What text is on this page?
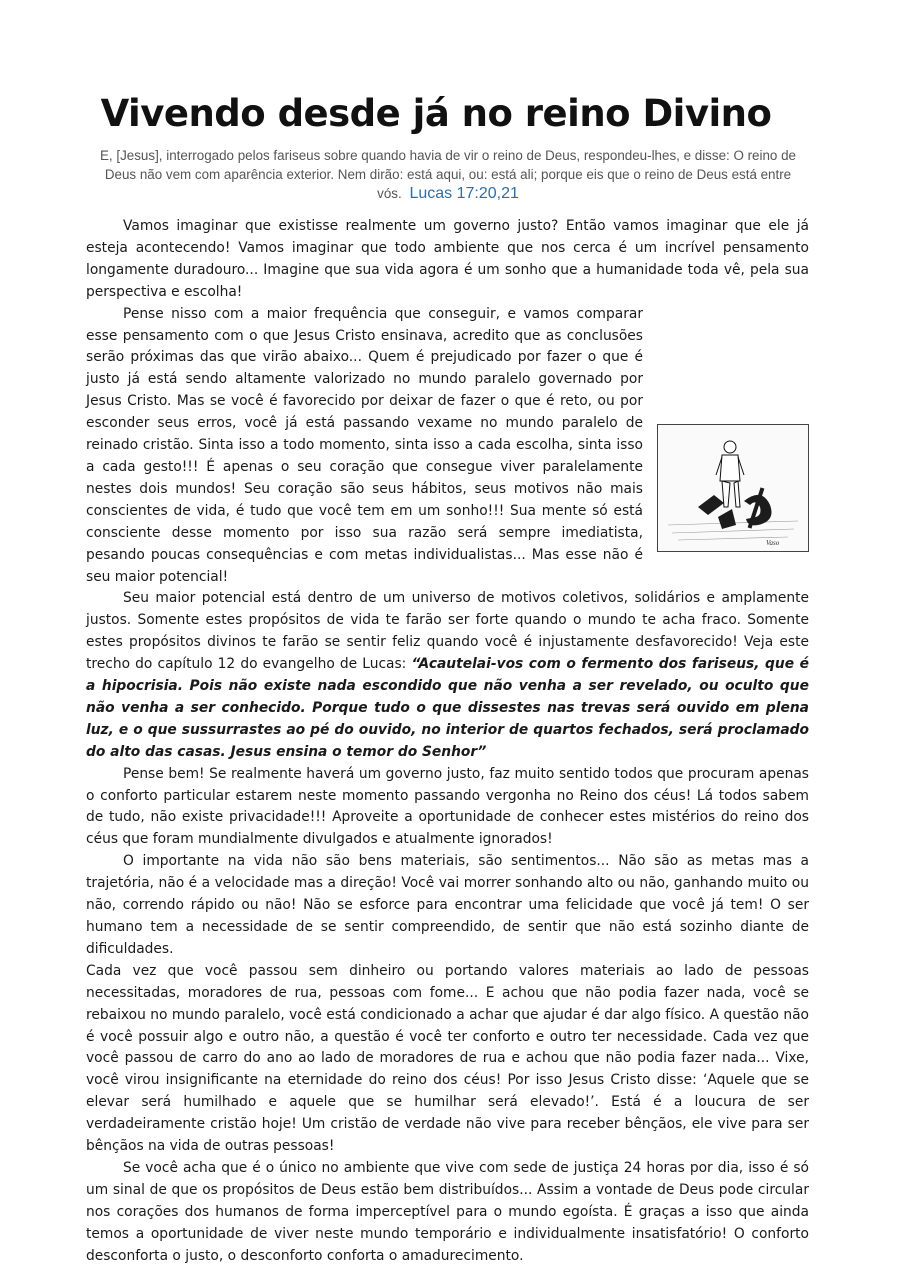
Vivendo desde já no reino Divino
E, [Jesus], interrogado pelos fariseus sobre quando havia de vir o reino de Deus, respondeu-lhes, e disse: O reino de Deus não vem com aparência exterior. Nem dirão: está aqui, ou: está ali; porque eis que o reino de Deus está entre vós. Lucas 17:20,21

Vamos imaginar que existisse realmente um governo justo? Então vamos imaginar que ele já esteja acontecendo! Vamos imaginar que todo ambiente que nos cerca é um incrível pensamento longamente duradouro... Imagine que sua vida agora é um sonho que a humanidade toda vê, pela sua perspectiva e escolha!

Vaso
Pense nisso com a maior frequência que conseguir, e vamos comparar esse pensamento com o que Jesus Cristo ensinava, acredito que as conclusões serão próximas das que virão abaixo... Quem é prejudicado por fazer o que é justo já está sendo altamente valorizado no mundo paralelo governado por Jesus Cristo. Mas se você é favorecido por deixar de fazer o que é reto, ou por esconder seus erros, você já está passando vexame no mundo paralelo de reinado cristão. Sinta isso a todo momento, sinta isso a cada escolha, sinta isso a cada gesto!!! É apenas o seu coração que consegue viver paralelamente nestes dois mundos! Seu coração são seus hábitos, seus motivos não mais conscientes de vida, é tudo que você tem em um sonho!!! Sua mente só está consciente desse momento por isso sua razão será sempre imediatista, pesando poucas consequências e com metas individualistas... Mas esse não é seu maior potencial!

Seu maior potencial está dentro de um universo de motivos coletivos, solidários e amplamente justos. Somente estes propósitos de vida te farão ser forte quando o mundo te acha fraco. Somente estes propósitos divinos te farão se sentir feliz quando você é injustamente desfavorecido! Veja este trecho do capítulo 12 do evangelho de Lucas: “Acautelai-vos com o fermento dos fariseus, que é a hipocrisia. Pois não existe nada escondido que não venha a ser revelado, ou oculto que não venha a ser conhecido. Porque tudo o que dissestes nas trevas será ouvido em plena luz, e o que sussurrastes ao pé do ouvido, no interior de quartos fechados, será proclamado do alto das casas. Jesus ensina o temor do Senhor”

Pense bem! Se realmente haverá um governo justo, faz muito sentido todos que procuram apenas o conforto particular estarem neste momento passando vergonha no Reino dos céus! Lá todos sabem de tudo, não existe privacidade!!! Aproveite a oportunidade de conhecer estes mistérios do reino dos céus que foram mundialmente divulgados e atualmente ignorados!

O importante na vida não são bens materiais, são sentimentos... Não são as metas mas a trajetória, não é a velocidade mas a direção! Você vai morrer sonhando alto ou não, ganhando muito ou não, correndo rápido ou não! Não se esforce para encontrar uma felicidade que você já tem! O ser humano tem a necessidade de se sentir compreendido, de sentir que não está sozinho diante de dificuldades.

Cada vez que você passou sem dinheiro ou portando valores materiais ao lado de pessoas necessitadas, moradores de rua, pessoas com fome... E achou que não podia fazer nada, você se rebaixou no mundo paralelo, você está condicionado a achar que ajudar é dar algo físico. A questão não é você possuir algo e outro não, a questão é você ter conforto e outro ter necessidade. Cada vez que você passou de carro do ano ao lado de moradores de rua e achou que não podia fazer nada... Vixe, você virou insignificante na eternidade do reino dos céus! Por isso Jesus Cristo disse: ‘Aquele que se elevar será humilhado e aquele que se humilhar será elevado!’. Está é a loucura de ser verdadeiramente cristão hoje! Um cristão de verdade não vive para receber bênçãos, ele vive para ser bênçãos na vida de outras pessoas!

Se você acha que é o único no ambiente que vive com sede de justiça 24 horas por dia, isso é só um sinal de que os propósitos de Deus estão bem distribuídos... Assim a vontade de Deus pode circular nos corações dos humanos de forma imperceptível para o mundo egoísta. É graças a isso que ainda temos a oportunidade de viver neste mundo temporário e individualmente insatisfatório! O conforto desconforta o justo, o desconforto conforta o amadurecimento.
